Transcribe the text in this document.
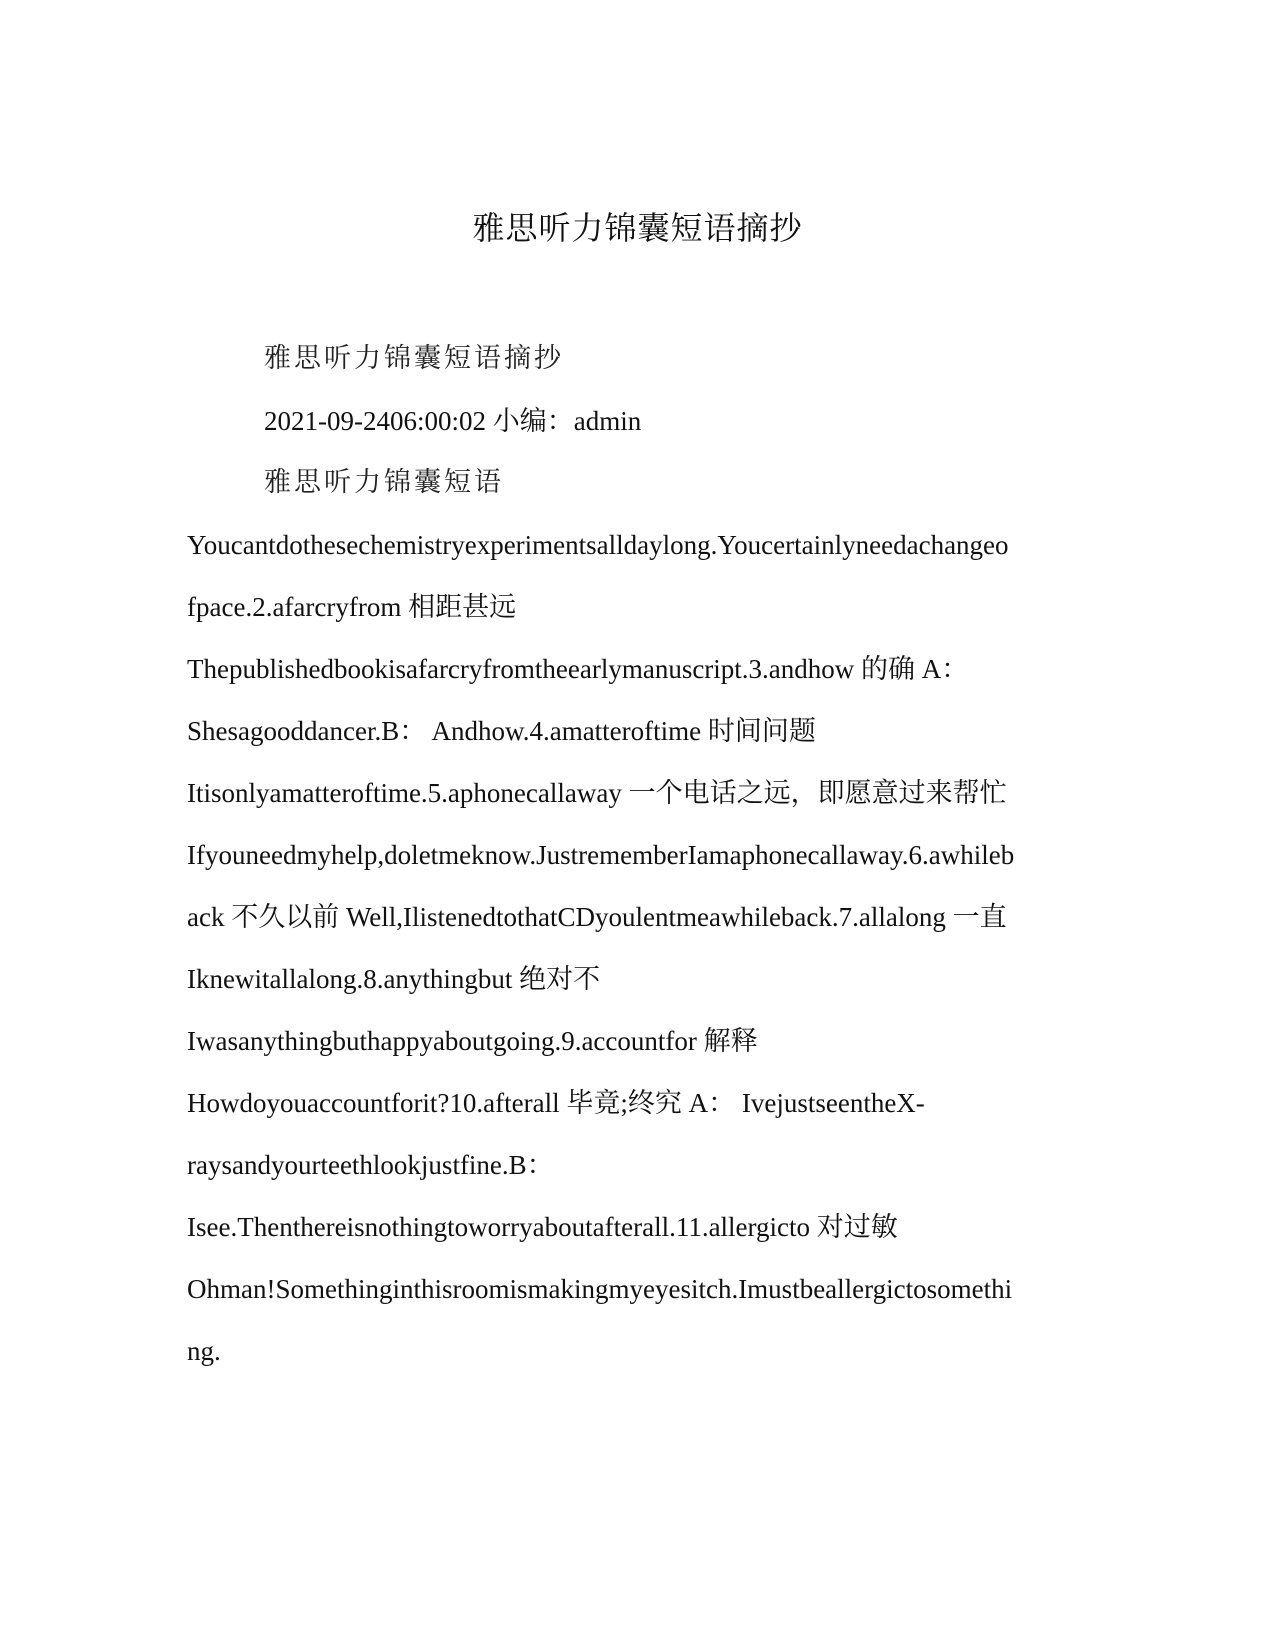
雅思听力锦囊短语摘抄
雅思听力锦囊短语摘抄
2021-09-2406:00:02 小编：admin
雅思听力锦囊短语
Youcantdothesechemistryexperimentsalldaylong.Youcertainlyneedachangeo
fpace.2.afarcryfrom 相距甚远
Thepublishedbookisafarcryfromtheearlymanuscript.3.andhow 的确 A：
Shesagooddancer.B： Andhow.4.amatteroftime 时间问题
Itisonlyamatteroftime.5.aphonecallaway 一个电话之远，即愿意过来帮忙
Ifyouneedmyhelp,doletmeknow.JustrememberIamaphonecallaway.6.awhileb
ack 不久以前 Well,IlistenedtothatCDyoulentmeawhileback.7.allalong 一直
Iknewitallalong.8.anythingbut 绝对不
Iwasanythingbuthappyaboutgoing.9.accountfor 解释
Howdoyouaccountforit?10.afterall 毕竟;终究 A： IvejustseentheX-
raysandyourteethlookjustfine.B：
Isee.Thenthereisnothingtoworryaboutafterall.11.allergicto 对过敏
Ohman!Somethinginthisroomismakingmyeyesitch.Imustbeallergictosomethi
ng.
